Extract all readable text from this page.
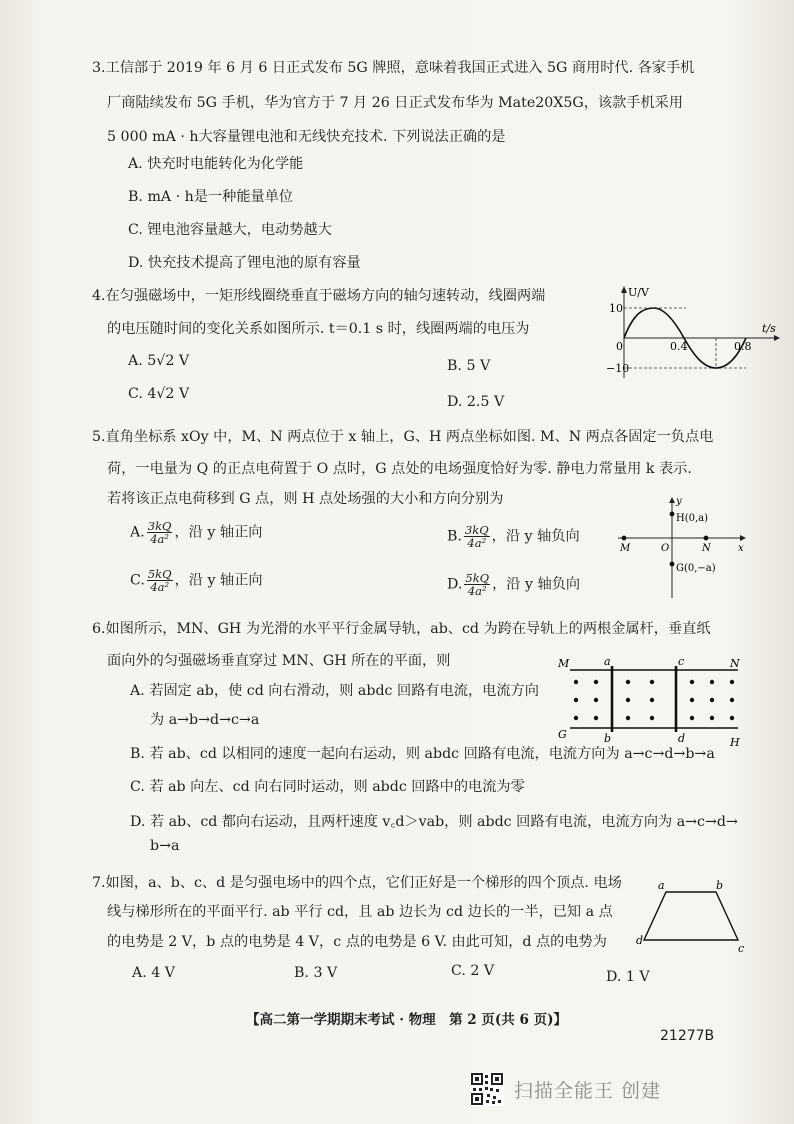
3.工信部于 2019 年 6 月 6 日正式发布 5G 牌照，意味着我国正式进入 5G 商用时代. 各家手机
厂商陆续发布 5G 手机，华为官方于 7 月 26 日正式发布华为 Mate20X5G，该款手机采用
5 000 mA · h大容量锂电池和无线快充技术. 下列说法正确的是
A. 快充时电能转化为化学能
B. mA · h是一种能量单位
C. 锂电池容量越大，电动势越大
D. 快充技术提高了锂电池的原有容量
4.在匀强磁场中，一矩形线圈绕垂直于磁场方向的轴匀速转动，线圈两端
的电压随时间的变化关系如图所示. t＝0.1 s 时，线圈两端的电压为
A. 5√2 V	B. 5 V
C. 4√2 V	D. 2.5 V
U/V
t/s
10
−10
0	0.4	0.8
5.直角坐标系 xOy 中，M、N 两点位于 x 轴上，G、H 两点坐标如图. M、N 两点各固定一负点电
荷，一电量为 Q 的正点电荷置于 O 点时，G 点处的电场强度恰好为零. 静电力常量用 k 表示.
若将该正点电荷移到 G 点，则 H 点处场强的大小和方向分别为
A. $\frac{3kQ}{\text{4a²}}$ ，沿 y 轴正向	B. $\frac{3kQ}{\text{4a²}}$ ，沿 y 轴负向
C. $\frac{5kQ}{\text{4a²}}$ ，沿 y 轴正向	D. $\frac{5kQ}{\text{4a²}}$ ，沿 y 轴负向
y
x
H(0,a)
G(0,−a)
M	O	N
6.如图所示，MN、GH 为光滑的水平平行金属导轨，ab、cd 为跨在导轨上的两根金属杆，垂直纸
面向外的匀强磁场垂直穿过 MN、GH 所在的平面，则
A. 若固定 ab，使 cd 向右滑动，则 abdc 回路有电流，电流方向
为 a→b→d→c→a
B. 若 ab、cd 以相同的速度一起向右运动，则 abdc 回路有电流，电流方向为 a→c→d→b→a
C. 若 ab 向左、cd 向右同时运动，则 abdc 回路中的电流为零
D. 若 ab、cd 都向右运动，且两杆速度 v꜀d＞vab，则 abdc 回路有电流，电流方向为 a→c→d→
b→a
M	N
G
H
a
b
c
d
7.如图，a、b、c、d 是匀强电场中的四个点，它们正好是一个梯形的四个顶点. 电场
线与梯形所在的平面平行. ab 平行 cd，且 ab 边长为 cd 边长的一半，已知 a 点
的电势是 2 V，b 点的电势是 4 V，c 点的电势是 6 V. 由此可知，d 点的电势为
A. 4 V	B. 3 V	C. 2 V	D. 1 V
a	b
c
d
【高二第一学期期末考试 · 物理　第 2 页(共 6 页)】
21277B
扫描全能王 创建
